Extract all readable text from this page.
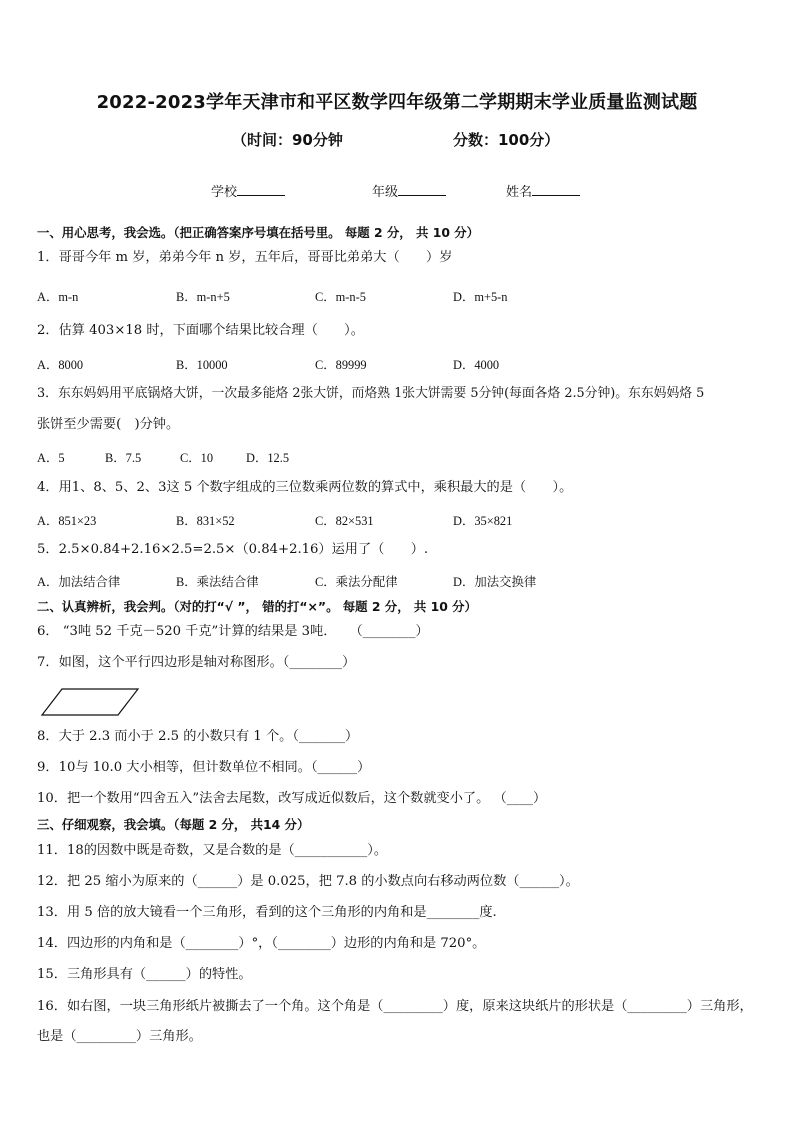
2022-2023学年天津市和平区数学四年级第二学期期末学业质量监测试题
（时间：90分钟	分数：100分）
学校	年级	姓名
一、用心思考，我会选。（把正确答案序号填在括号里。 每题 2 分， 共 10 分）
1．哥哥今年 m 岁，弟弟今年 n 岁，五年后，哥哥比弟弟大（　　）岁
A．m-n	B．m-n+5	C．m-n-5	D．m+5-n
2．估算 403×18 时，下面哪个结果比较合理（　　）。
A．8000	B．10000	C．89999	D．4000
3．东东妈妈用平底锅烙大饼，一次最多能烙 2张大饼，而烙熟 1张大饼需要 5分钟(每面各烙 2.5分钟)。东东妈妈烙 5
张饼至少需要(　)分钟。
A．5	B．7.5	C．10	D．12.5
4．用1、8、5、2、3这 5 个数字组成的三位数乘两位数的算式中，乘积最大的是（　　）。
A．851×23	B．831×52	C．82×531	D．35×821
5．2.5×0.84+2.16×2.5=2.5×（0.84+2.16）运用了（　　）.
A．加法结合律	B．乘法结合律	C．乘法分配律	D．加法交换律
二、认真辨析，我会判。（对的打“√ ”， 错的打“×”。 每题 2 分， 共 10 分）
6． “3吨 52 千克－520 千克”计算的结果是 3吨．　　（________）
7．如图，这个平行四边形是轴对称图形。（________）
8．大于 2.3 而小于 2.5 的小数只有 1 个。（_______）
9．10与 10.0 大小相等，但计数单位不相同。（______）
10．把一个数用“四舍五入”法舍去尾数，改写成近似数后，这个数就变小了。 （____）
三、仔细观察，我会填。（每题 2 分， 共14 分）
11．18的因数中既是奇数，又是合数的是（___________）。
12．把 25 缩小为原来的（______）是 0.025，把 7.8 的小数点向右移动两位数（______）。
13．用 5 倍的放大镜看一个三角形，看到的这个三角形的内角和是________度.
14．四边形的内角和是（________）°，（________）边形的内角和是 720°。
15．三角形具有（______）的特性。
16．如右图，一块三角形纸片被撕去了一个角。这个角是（_________）度，原来这块纸片的形状是（_________）三角形，也是（_________）三角形。
